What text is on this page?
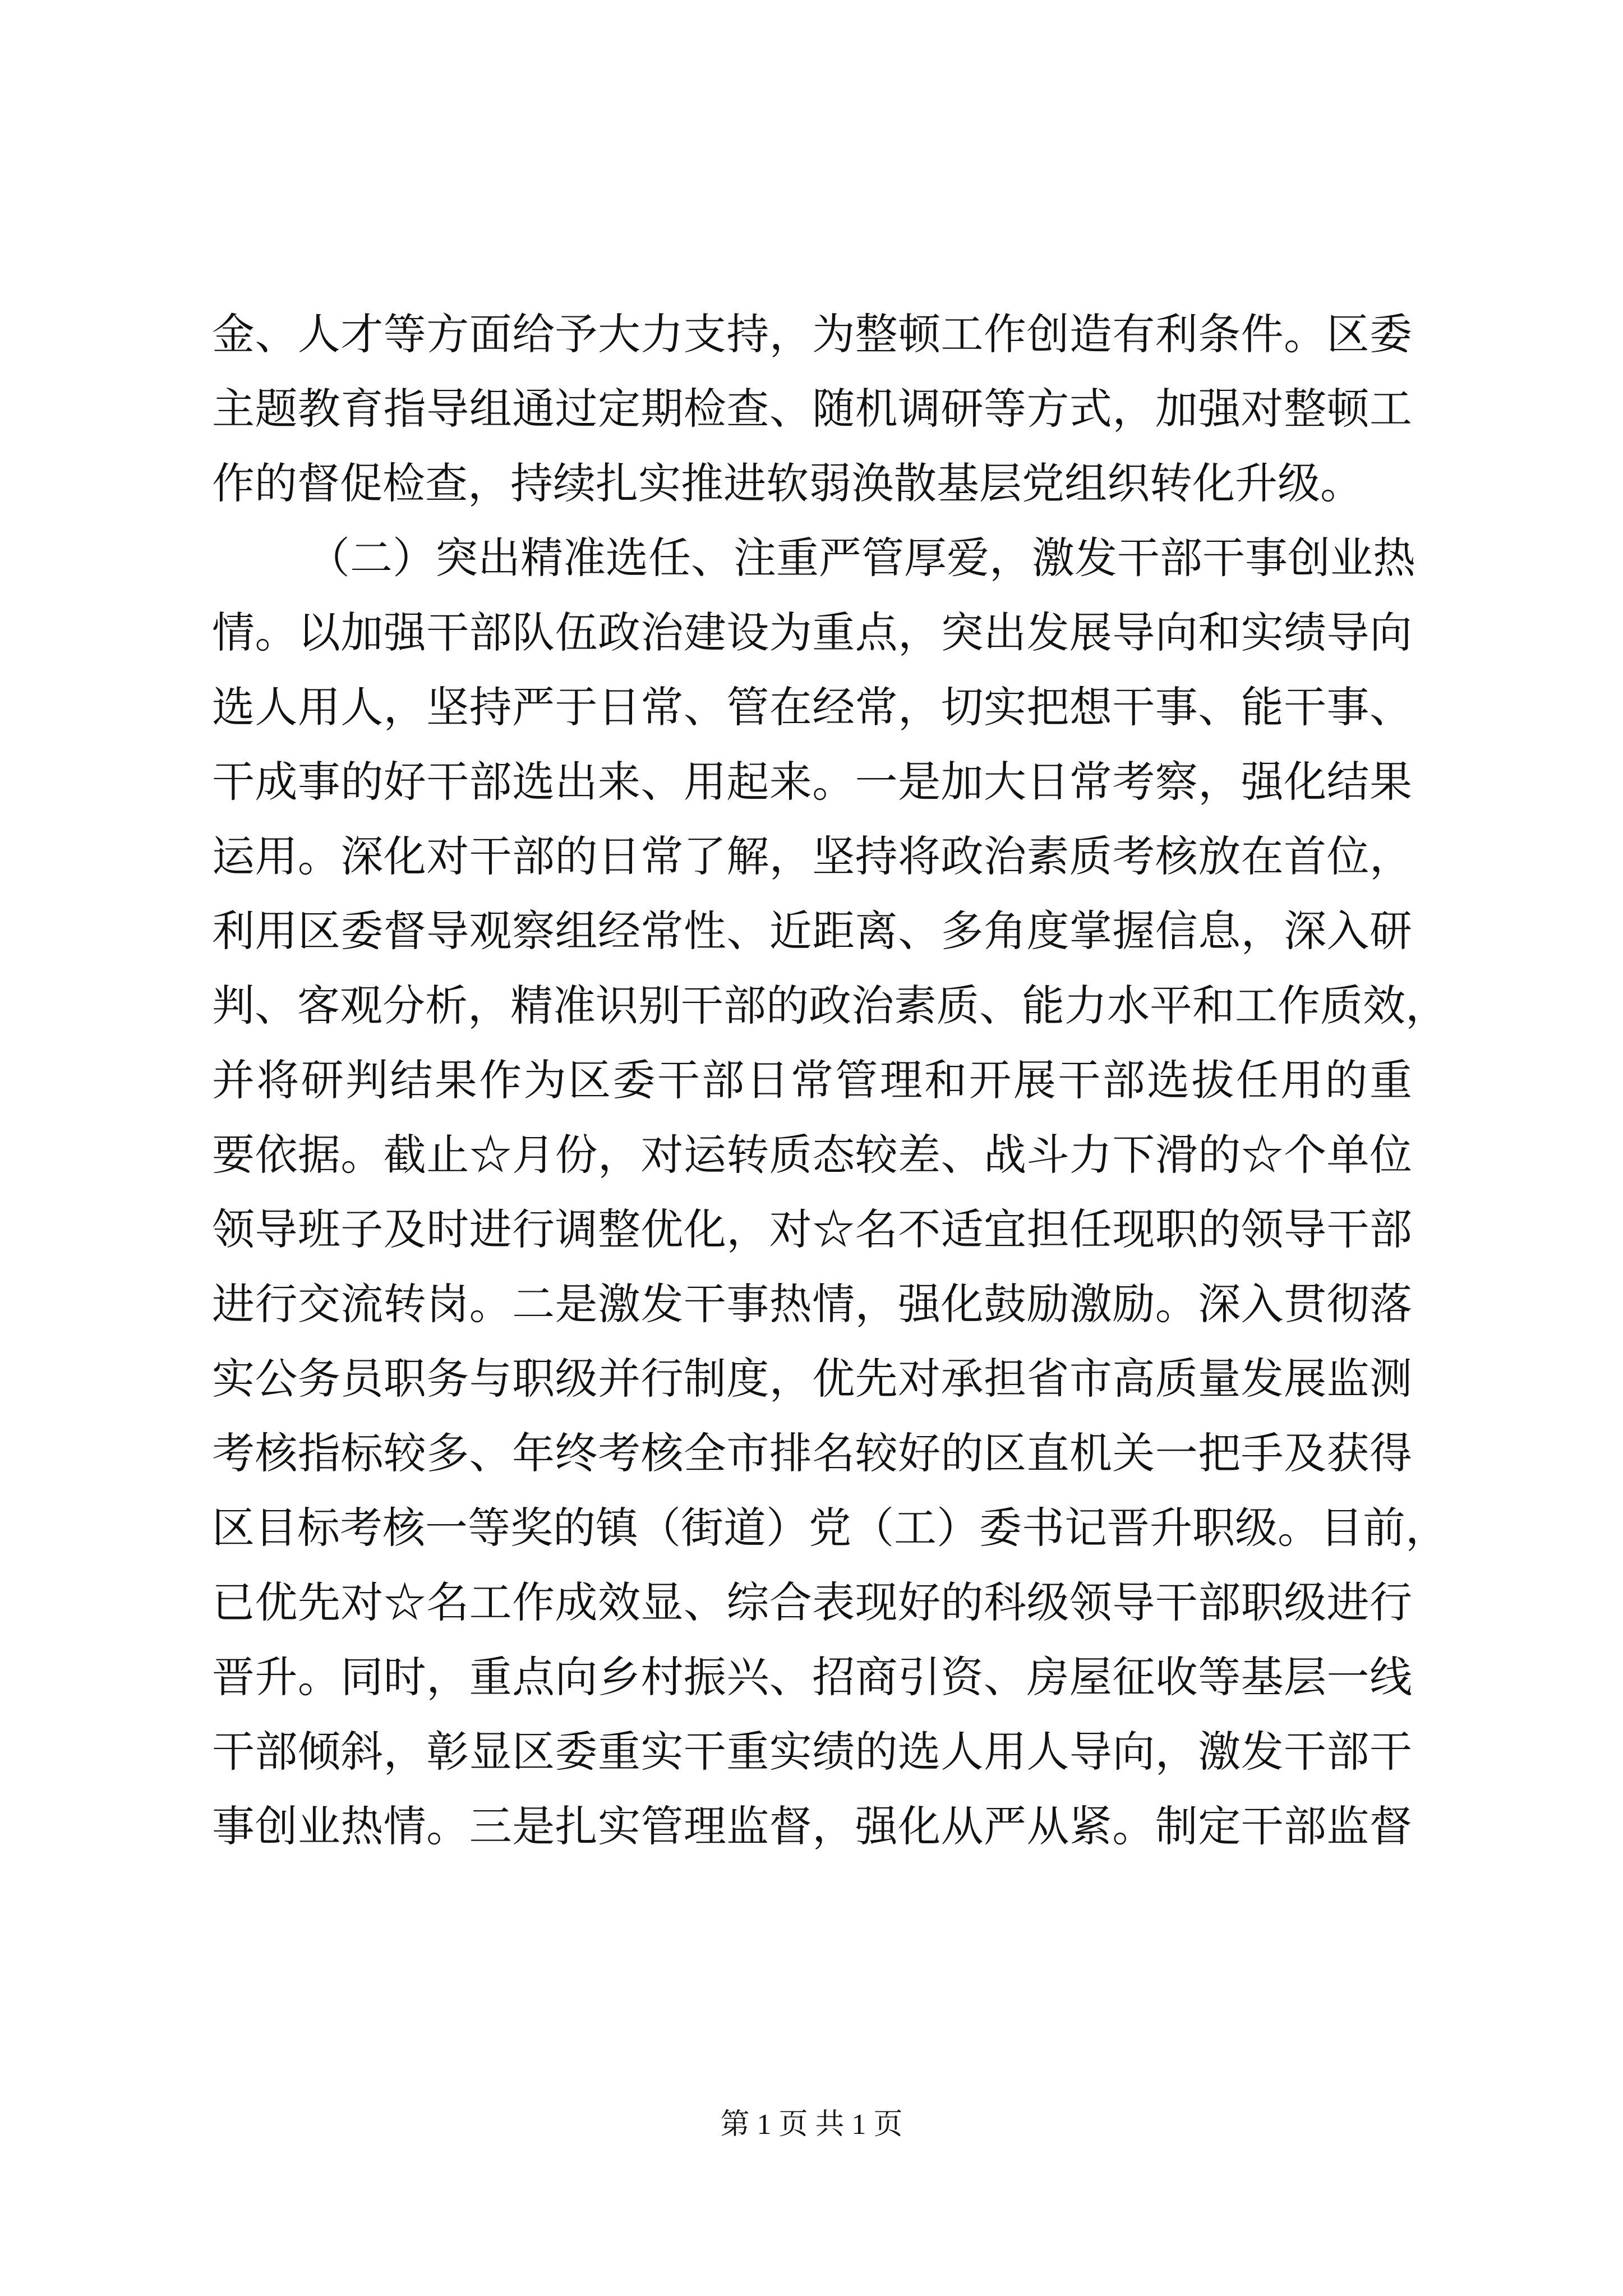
金、人才等方面给予大力支持，为整顿工作创造有利条件。区委
主题教育指导组通过定期检查、随机调研等方式，加强对整顿工
作的督促检查，持续扎实推进软弱涣散基层党组织转化升级。
（二）突出精准选任、注重严管厚爱，激发干部干事创业热
情。以加强干部队伍政治建设为重点，突出发展导向和实绩导向
选人用人，坚持严于日常、管在经常，切实把想干事、能干事、
干成事的好干部选出来、用起来。一是加大日常考察，强化结果
运用。深化对干部的日常了解，坚持将政治素质考核放在首位，
利用区委督导观察组经常性、近距离、多角度掌握信息，深入研
判、客观分析，精准识别干部的政治素质、能力水平和工作质效，
并将研判结果作为区委干部日常管理和开展干部选拔任用的重
要依据。截止☆月份，对运转质态较差、战斗力下滑的☆个单位
领导班子及时进行调整优化，对☆名不适宜担任现职的领导干部
进行交流转岗。二是激发干事热情，强化鼓励激励。深入贯彻落
实公务员职务与职级并行制度，优先对承担省市高质量发展监测
考核指标较多、年终考核全市排名较好的区直机关一把手及获得
区目标考核一等奖的镇（街道）党（工）委书记晋升职级。目前，
已优先对☆名工作成效显、综合表现好的科级领导干部职级进行
晋升。同时，重点向乡村振兴、招商引资、房屋征收等基层一线
干部倾斜，彰显区委重实干重实绩的选人用人导向，激发干部干
事创业热情。三是扎实管理监督，强化从严从紧。制定干部监督
第 1 页 共 1 页
